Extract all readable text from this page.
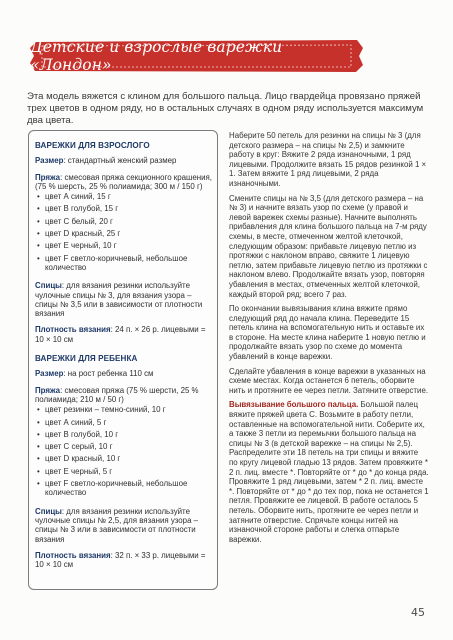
Детские и взрослые варежки «Лондон»

Эта модель вяжется с клином для большого пальца. Лицо гвардейца провязано пряжей трех цветов в одном ряду, но в остальных случаях в одном ряду используется максимум два цвета.

ВАРЕЖКИ ДЛЯ ВЗРОСЛОГО
Размер: стандартный женский размер
Пряжа: смесовая пряжа секционного крашения, (75 % шерсть, 25 % полиамида; 300 м / 150 г)
• цвет А синий, 15 г
• цвет В голубой, 15 г
• цвет С белый, 20 г
• цвет D красный, 25 г
• цвет Е черный, 10 г
• цвет F светло-коричневый, небольшое количество
Спицы: для вязания резинки используйте чулочные спицы № 3, для вязания узора – спицы № 3,5 или в зависимости от плотности вязания
Плотность вязания: 24 п. × 26 р. лицевыми = 10 × 10 см
ВАРЕЖКИ ДЛЯ РЕБЕНКА
Размер: на рост ребенка 110 см
Пряжа: смесовая пряжа (75 % шерсти, 25 % полиамида; 210 м / 50 г)
• цвет резинки – темно-синий, 10 г
• цвет А синий, 5 г
• цвет В голубой, 10 г
• цвет С серый, 10 г
• цвет D красный, 10 г
• цвет Е черный, 5 г
• цвет F светло-коричневый, небольшое количество
Спицы: для вязания резинки используйте чулочные спицы № 2,5, для вязания узора – спицы № 3 или в зависимости от плотности вязания
Плотность вязания: 32 п. × 33 р. лицевыми = 10 × 10 см

Наберите 50 петель для резинки на спицы № 3 (для детского размера – на спицы № 2,5) и замкните работу в круг: Вяжите 2 ряда изнаночными, 1 ряд лицевыми. Продолжите вязать 15 рядов резинкой 1 × 1. Затем вяжите 1 ряд лицевыми, 2 ряда изнаночными.

Смените спицы на № 3,5 (для детского размера – на № 3) и начните вязать узор по схеме (у правой и левой варежек схемы разные). Начните выполнять прибавления для клина большого пальца на 7-м ряду схемы, в месте, отмеченном желтой клеточкой, следующим образом: прибавьте лицевую петлю из протяжки с наклоном вправо, свяжите 1 лицевую петлю, затем прибавьте лицевую петлю из протяжки с наклоном влево. Продолжайте вязать узор, повторяя убавления в местах, отмеченных желтой клеточкой, каждый второй ряд; всего 7 раз.

По окончании вывязывания клина вяжите прямо следующий ряд до начала клина. Переведите 15 петель клина на вспомогательную нить и оставьте их в стороне. На месте клина наберите 1 новую петлю и продолжайте вязать узор по схеме до момента убавлений в конце варежки.

Сделайте убавления в конце варежки в указанных на схеме местах. Когда останется 6 петель, оборвите нить и протяните ее через петли. Затяните отверстие.

Вывязывание большого пальца. Большой палец вяжите пряжей цвета С. Возьмите в работу петли, оставленные на вспомогательной нити. Соберите их, а также 3 петли из перемычки большого пальца на спицы № 3 (в детской варежке – на спицы № 2,5). Распределите эти 18 петель на три спицы и вяжите по кругу лицевой гладью 13 рядов. Затем провяжите * 2 п. лиц. вместе *. Повторяйте от * до * до конца ряда. Провяжите 1 ряд лицевыми, затем * 2 п. лиц. вместе *. Повторяйте от * до * до тех пор, пока не останется 1 петля. Провяжите ее лицевой. В работе осталось 5 петель. Оборвите нить, протяните ее через петли и затяните отверстие. Спрячьте концы нитей на изнаночной стороне работы и слегка отпарьте варежки.

45
